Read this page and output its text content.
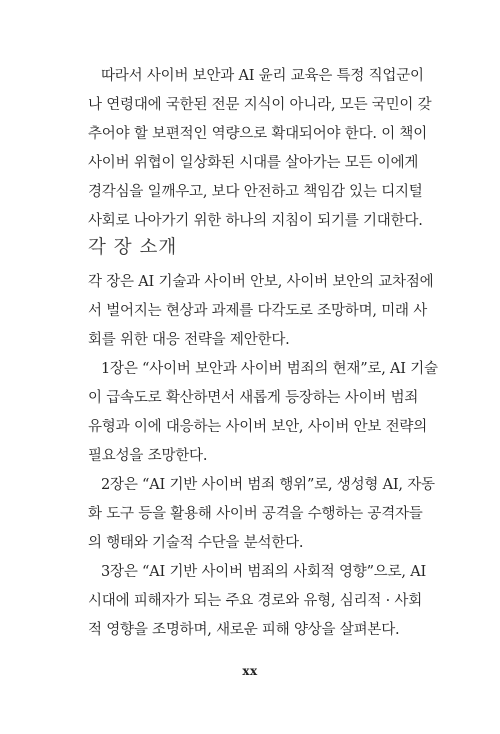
따라서 사이버 보안과 AI 윤리 교육은 특정 직업군이
나 연령대에 국한된 전문 지식이 아니라, 모든 국민이 갖
추어야 할 보편적인 역량으로 확대되어야 한다. 이 책이
사이버 위협이 일상화된 시대를 살아가는 모든 이에게
경각심을 일깨우고, 보다 안전하고 책임감 있는 디지털
사회로 나아가기 위한 하나의 지침이 되기를 기대한다.
각 장 소개
각 장은 AI 기술과 사이버 안보, 사이버 보안의 교차점에
서 벌어지는 현상과 과제를 다각도로 조망하며, 미래 사
회를 위한 대응 전략을 제안한다.
1장은 “사이버 보안과 사이버 범죄의 현재”로, AI 기술
이 급속도로 확산하면서 새롭게 등장하는 사이버 범죄
유형과 이에 대응하는 사이버 보안, 사이버 안보 전략의
필요성을 조망한다.
2장은 “AI 기반 사이버 범죄 행위”로, 생성형 AI, 자동
화 도구 등을 활용해 사이버 공격을 수행하는 공격자들
의 행태와 기술적 수단을 분석한다.
3장은 “AI 기반 사이버 범죄의 사회적 영향”으로, AI
시대에 피해자가 되는 주요 경로와 유형, 심리적 · 사회
적 영향을 조명하며, 새로운 피해 양상을 살펴본다.
xx
